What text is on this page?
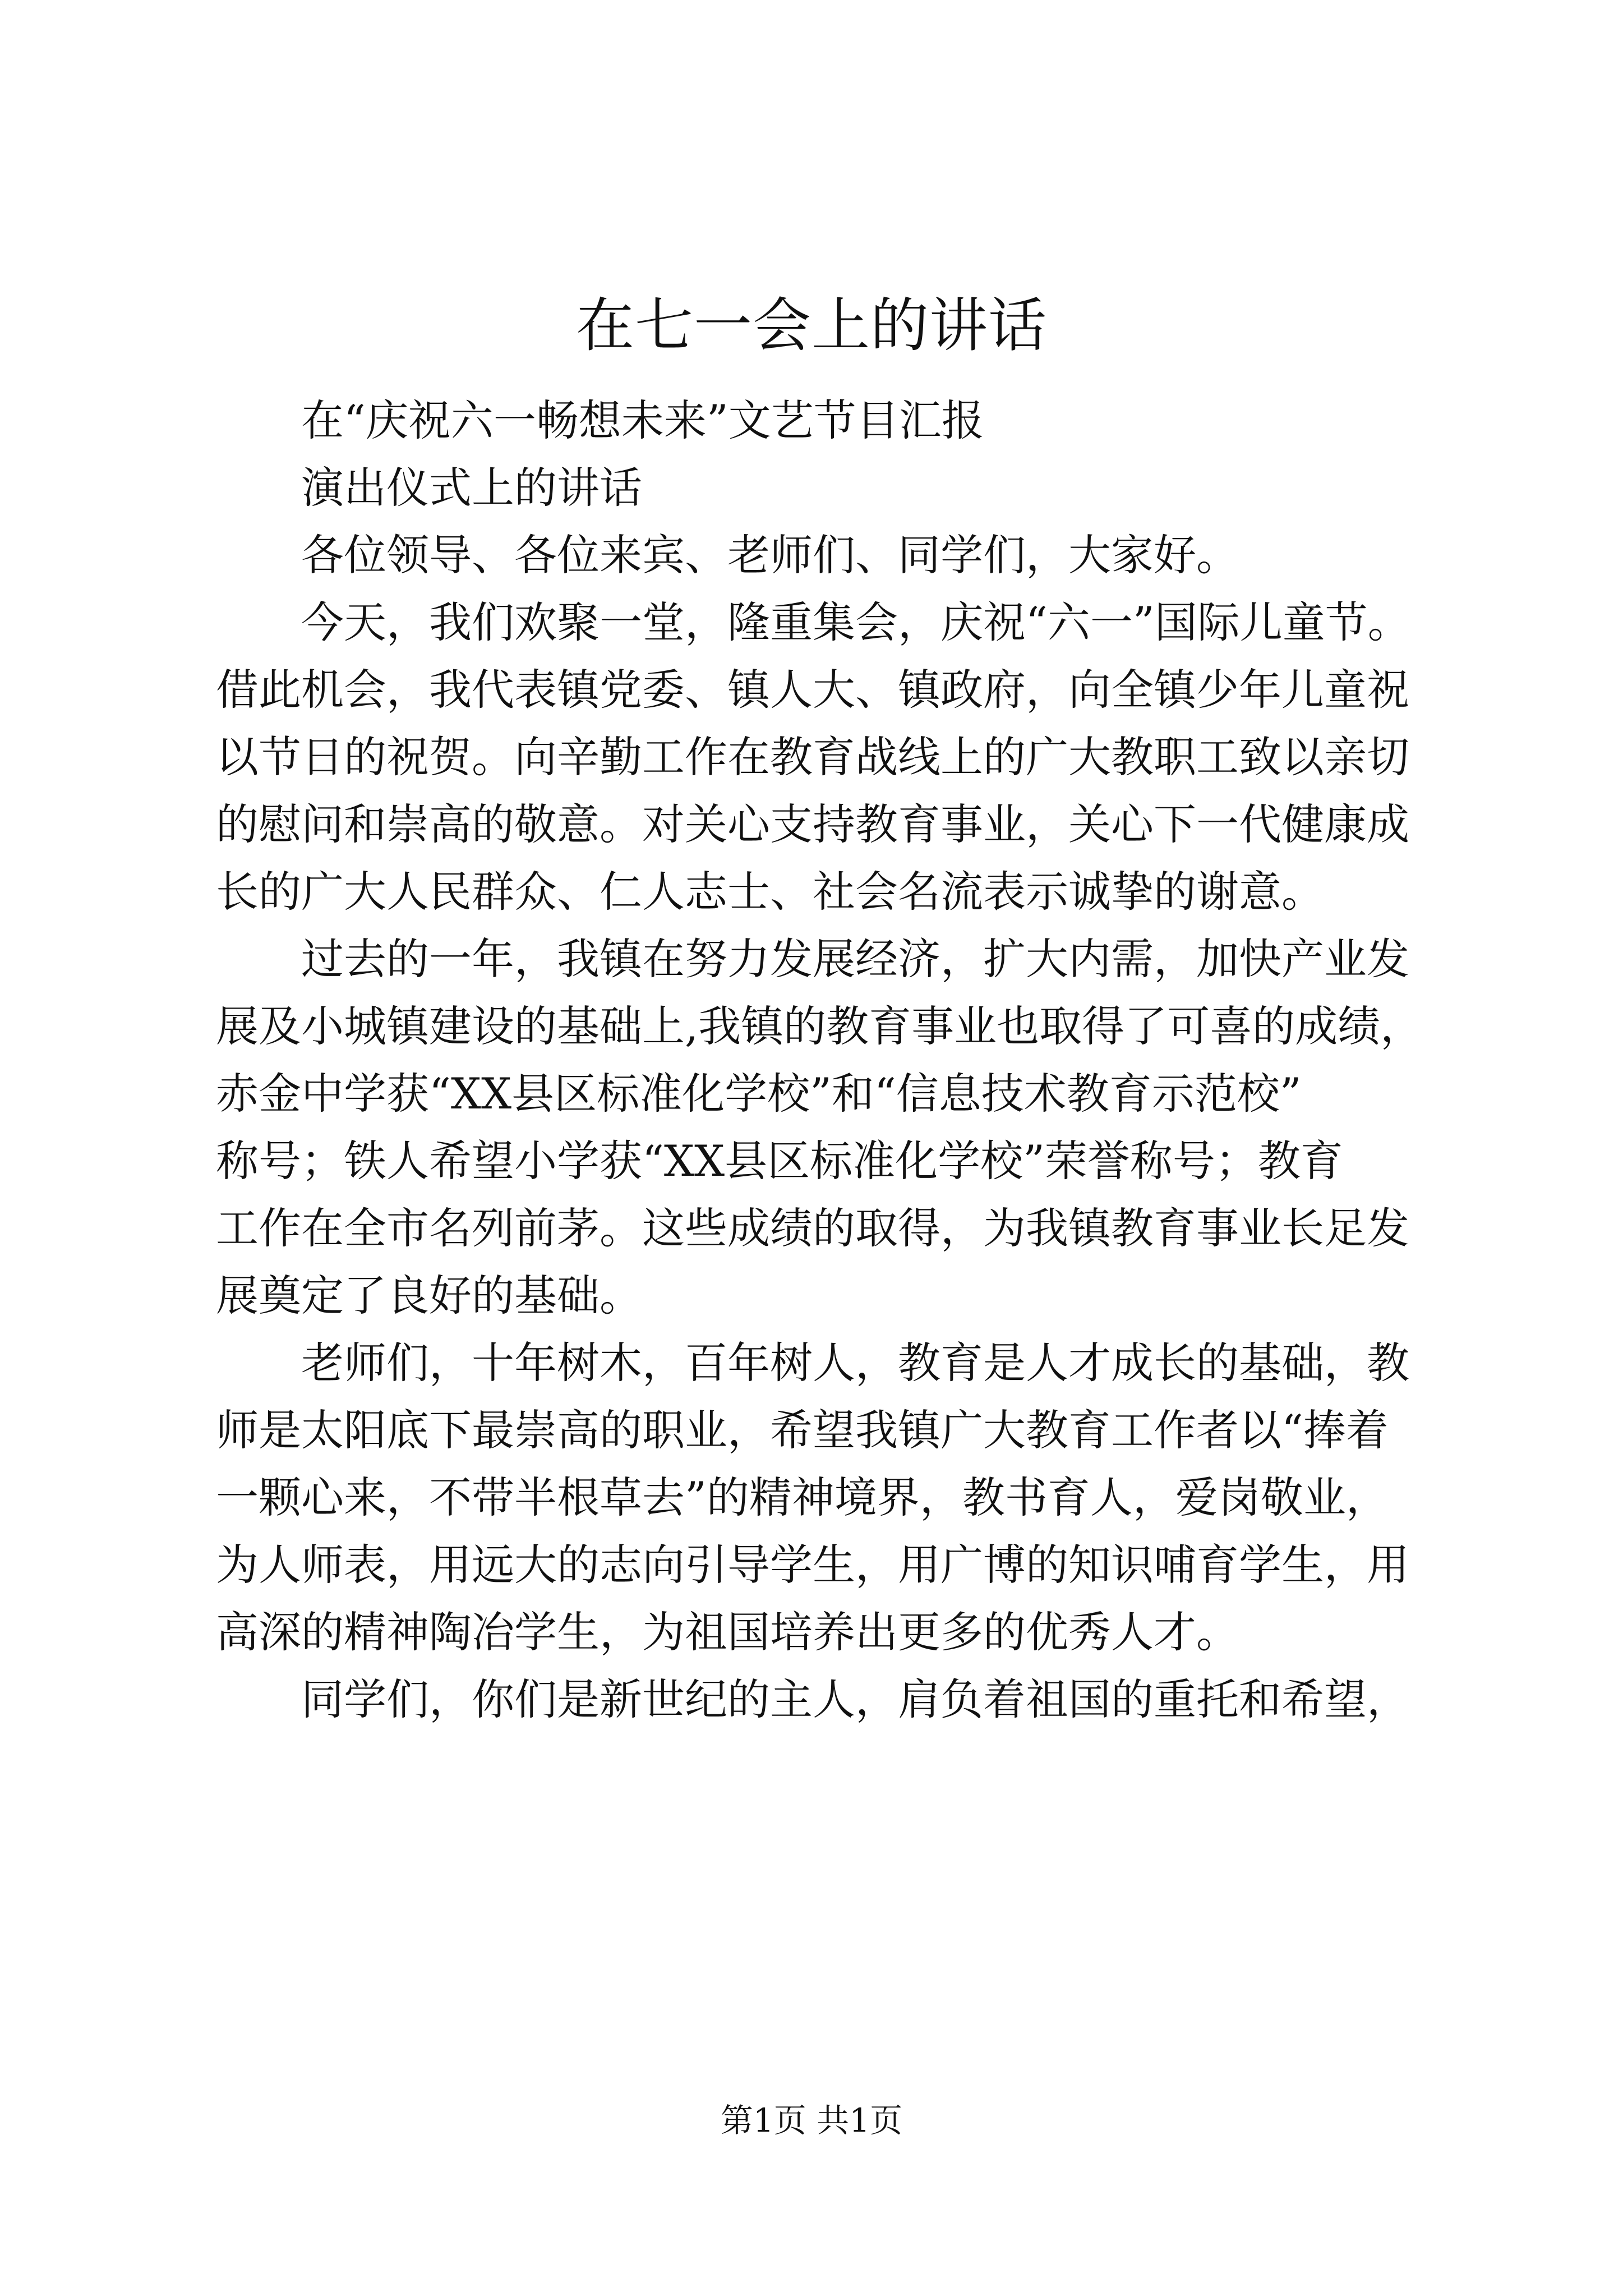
在七一会上的讲话
在“庆祝六一畅想未来”文艺节目汇报
演出仪式上的讲话
各位领导、各位来宾、老师们、同学们，大家好。
今天，我们欢聚一堂，隆重集会，庆祝“六一”国际儿童节。
借此机会，我代表镇党委、镇人大、镇政府，向全镇少年儿童祝
以节日的祝贺。向辛勤工作在教育战线上的广大教职工致以亲切
的慰问和崇高的敬意。对关心支持教育事业，关心下一代健康成
长的广大人民群众、仁人志士、社会名流表示诚挚的谢意。
过去的一年，我镇在努力发展经济，扩大内需，加快产业发
展及小城镇建设的基础上,我镇的教育事业也取得了可喜的成绩，
赤金中学获“XX县区标准化学校”和“信息技术教育示范校”
称号；铁人希望小学获“XX县区标准化学校”荣誉称号；教育
工作在全市名列前茅。这些成绩的取得，为我镇教育事业长足发
展奠定了良好的基础。
老师们，十年树木，百年树人，教育是人才成长的基础，教
师是太阳底下最崇高的职业，希望我镇广大教育工作者以“捧着
一颗心来，不带半根草去”的精神境界，教书育人，爱岗敬业，
为人师表，用远大的志向引导学生，用广博的知识哺育学生，用
高深的精神陶冶学生，为祖国培养出更多的优秀人才。
同学们，你们是新世纪的主人，肩负着祖国的重托和希望，
第1页 共1页
